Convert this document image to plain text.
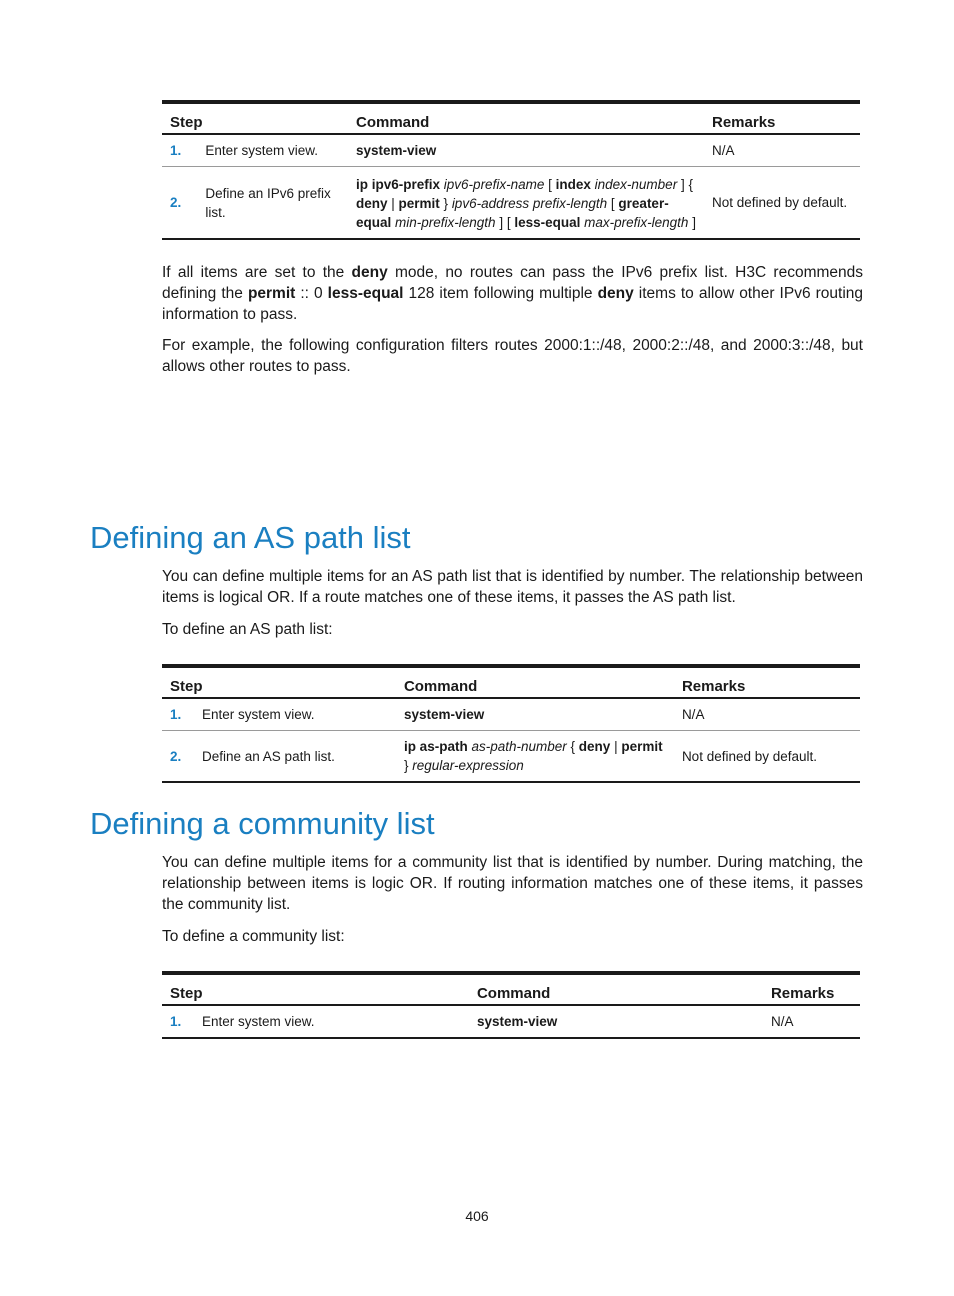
Step		Command	Remarks
1.	Enter system view.	system-view	N/A
2.	Define an IPv6 prefix list.	ip ipv6-prefix ipv6-prefix-name [ index index-number ] { deny | permit } ipv6-address prefix-length [ greater-equal min-prefix-length ] [ less-equal max-prefix-length ]	Not defined by default.

If all items are set to the deny mode, no routes can pass the IPv6 prefix list. H3C recommends defining the permit :: 0 less-equal 128 item following multiple deny items to allow other IPv6 routing information to pass.

For example, the following configuration filters routes 2000:1::/48, 2000:2::/48, and 2000:3::/48, but allows other routes to pass.

Defining an AS path list

You can define multiple items for an AS path list that is identified by number. The relationship between items is logical OR. If a route matches one of these items, it passes the AS path list.

To define an AS path list:

Step		Command	Remarks
1.	Enter system view.	system-view	N/A
2.	Define an AS path list.	ip as-path as-path-number { deny | permit } regular-expression	Not defined by default.
Defining a community list

You can define multiple items for a community list that is identified by number. During matching, the relationship between items is logic OR. If routing information matches one of these items, it passes the community list.

To define a community list:

Step		Command	Remarks
1.	Enter system view.	system-view	N/A
406
